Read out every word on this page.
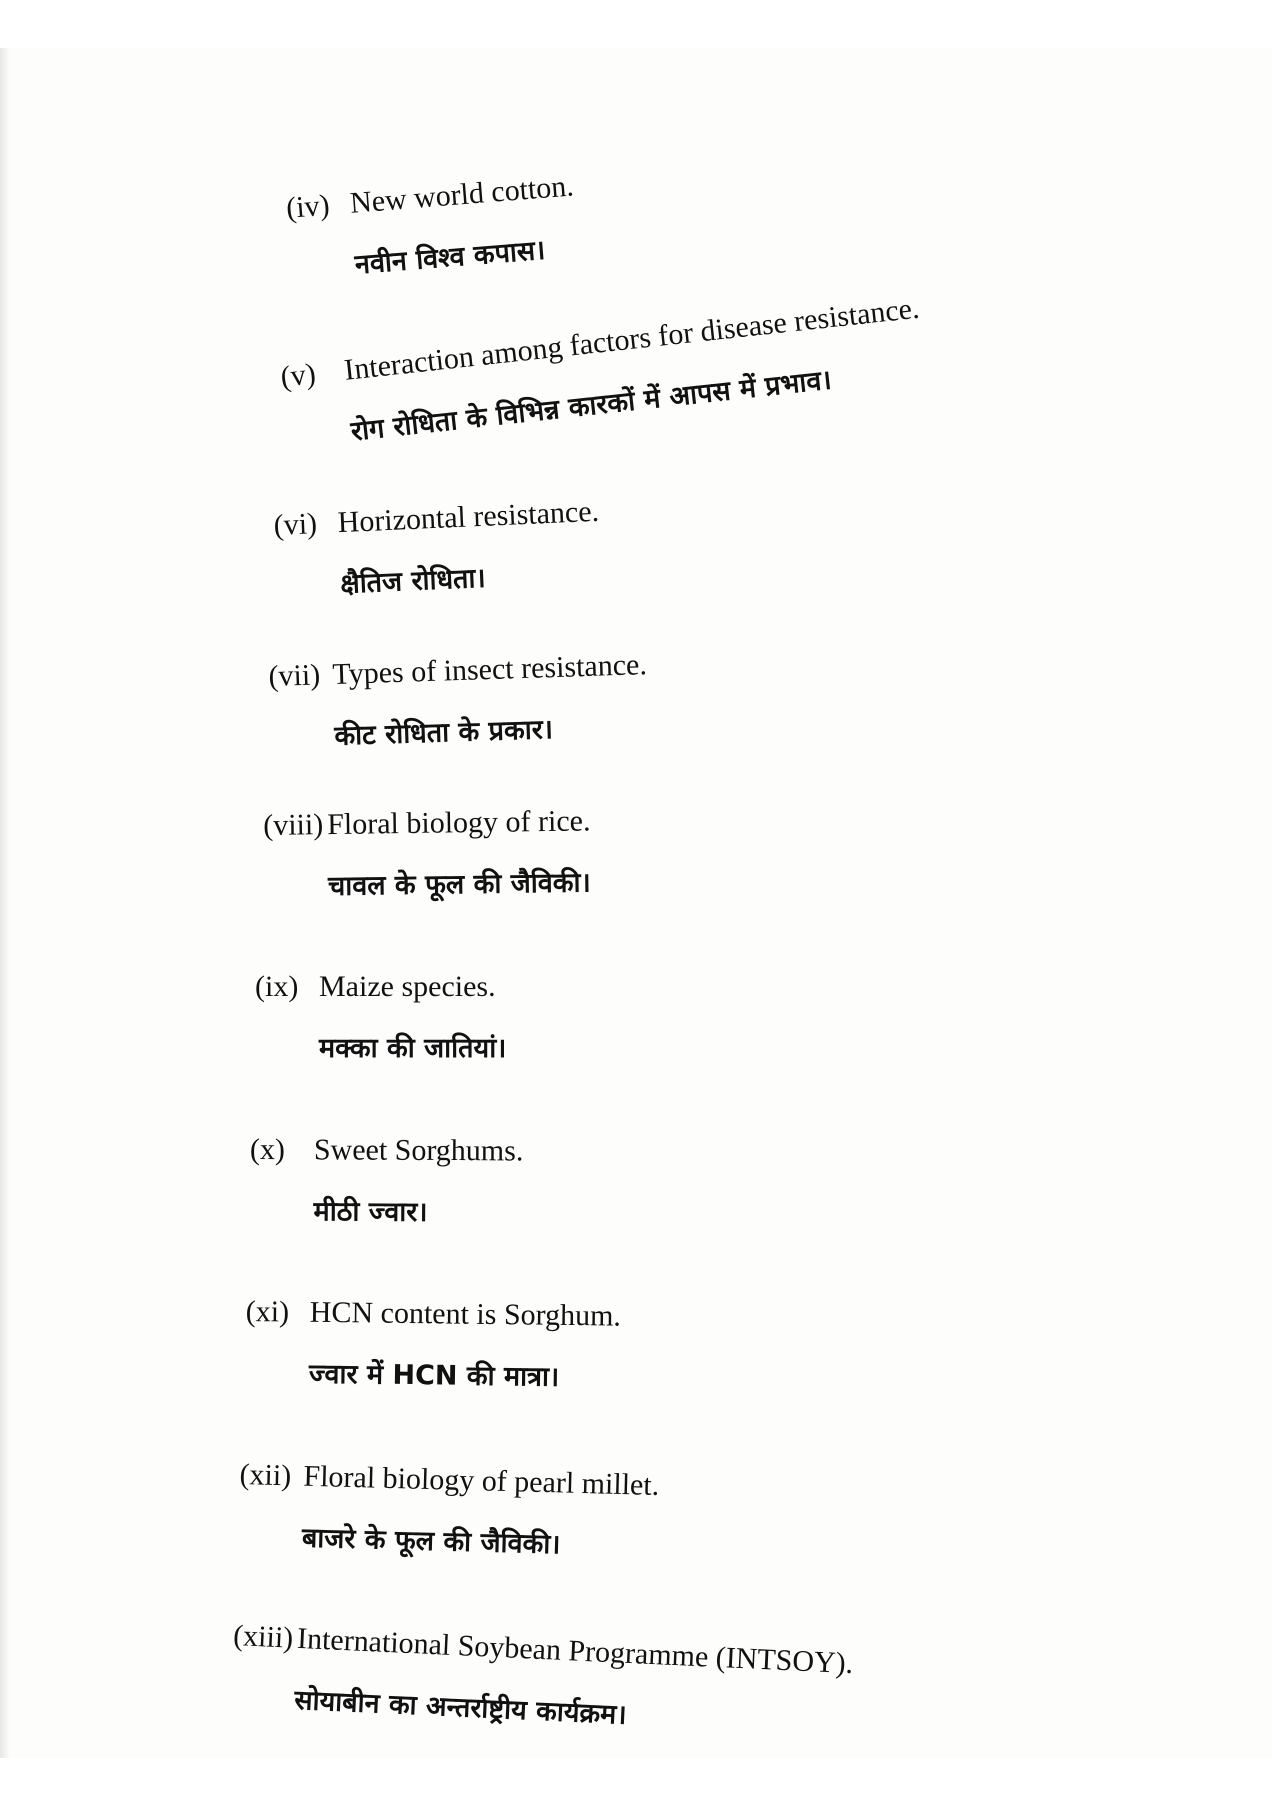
(iv) New world cotton.
नवीन विश्व कपास।
(v) Interaction among factors for disease resistance.
रोग रोधिता के विभिन्न कारकों में आपस में प्रभाव।
(vi) Horizontal resistance.
क्षैतिज रोधिता।
(vii) Types of insect resistance.
कीट रोधिता के प्रकार।
(viii) Floral biology of rice.
चावल के फूल की जैविकी।
(ix) Maize species.
मक्का की जातियां।
(x) Sweet Sorghums.
मीठी ज्वार।
(xi) HCN content is Sorghum.
ज्वार में HCN की मात्रा।
(xii) Floral biology of pearl millet.
बाजरे के फूल की जैविकी।
(xiii) International Soybean Programme (INTSOY).
सोयाबीन का अन्तर्राष्ट्रीय कार्यक्रम।
